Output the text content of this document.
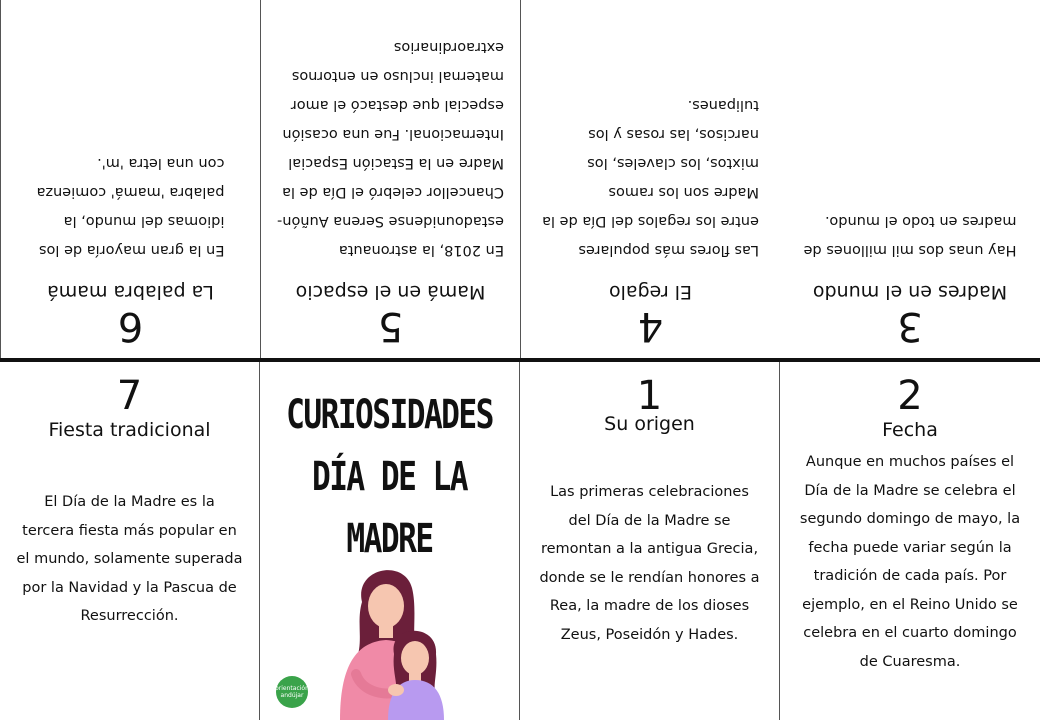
6
La palabra mamá
En la gran mayoría de los
idiomas del mundo, la
palabra 'mamá' comienza
con una letra 'm'.
5
Mamá en el espacio
En 2018, la astronauta
estadounidense Serena Auñón-
Chancellor celebró el Día de la
Madre en la Estación Espacial
Internacional. Fue una ocasión
especial que destacó el amor
maternal incluso en entornos
extraordinarios
4
El regalo
Las flores más populares
entre los regalos del Día de la
Madre son los ramos
mixtos, los claveles, los
narcisos, las rosas y los
tulipanes.
3
Madres en el mundo
Hay unas dos mil millones de
madres en todo el mundo.
7
Fiesta tradicional
El Día de la Madre es la
tercera fiesta más popular en
el mundo, solamente superada
por la Navidad y la Pascua de
Resurrección.
CURIOSIDADES
DÍA DE LA
MADRE
orientación andújar
1
Su origen
Las primeras celebraciones
del Día de la Madre se
remontan a la antigua Grecia,
donde se le rendían honores a
Rea, la madre de los dioses
Zeus, Poseidón y Hades.
2
Fecha
Aunque en muchos países el
Día de la Madre se celebra el
segundo domingo de mayo, la
fecha puede variar según la
tradición de cada país. Por
ejemplo, en el Reino Unido se
celebra en el cuarto domingo
de Cuaresma.
